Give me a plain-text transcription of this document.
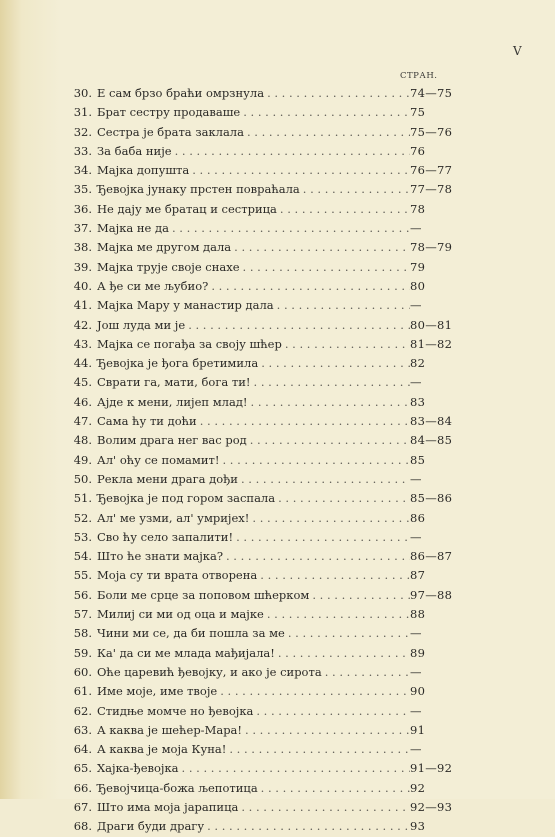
V
СТРАН.
30. Е сам брзо браћи омрзнула . . .	74—75
31. Брат сестру продаваше . . .	75
32. Сестра је брата заклала . . .	75—76
33. За баба није . . .	76
34. Мајка допушта . . .	76—77
35. Ђевојка јунаку прстен повраћала . . .	77—78
36. Не дају ме братац и сестрица . . .	78
37. Мајка не да . . .	—
38. Мајка ме другом дала . . .	78—79
39. Мајка трује своје снахе . . .	79
40. А ђе си ме љубио? . . .	80
41. Мајка Мару у манастир дала . . .	—
42. Још луда ми је . . .	80—81
43. Мајка се погађа за своју шћер . . .	81—82
44. Ђевојка је ђога бретимила . . .	82
45. Сврати га, мати, бога ти! . . .	—
46. Ајде к мени, лијеп млад! . . .	83
47. Сама ћу ти доћи . . .	83—84
48. Волим драга нег вас род . . .	84—85
49. Ал' оћу се помамит! . . .	85
50. Рекла мени драга дођи . . .	—
51. Ђевојка је под гором заспала . . .	85—86
52. Ал' ме узми, ал' умријех! . . .	86
53. Сво ћу село запалити! . . .	—
54. Што ће знати мајка? . . .	86—87
55. Моја су ти врата отворена . . .	87
56. Боли ме срце за поповом шћерком . . .	97—88
57. Милиј си ми од оца и мајке . . .	88
58. Чини ми се, да би пошла за ме . . .	—
59. Ка' да си ме млада мађијала! . . .	89
60. Оће царевић ђевојку, и ако је сирота . . .	—
61. Име моје, име твоје . . .	90
62. Стидње момче но ђевојка . . .	—
63. А каква је шећер-Мара! . . .	91
64. А каква је моја Куна! . . .	—
65. Хајка-ђевојка . . .	91—92
66. Ђевојчица-божа љепотица . . .	92
67. Што има моја јарапица . . .	92—93
68. Драги буди драгу . . .	93
